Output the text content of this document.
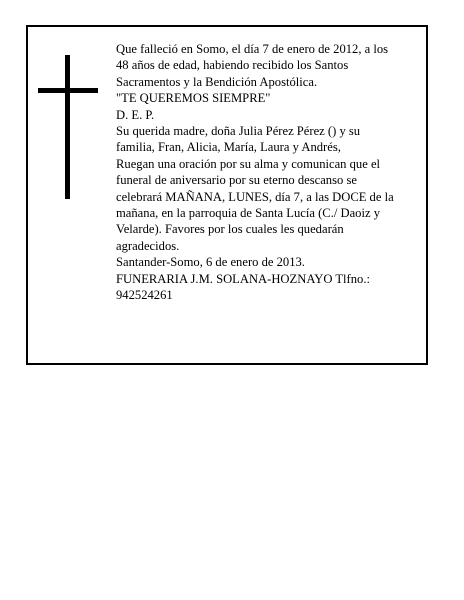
Que falleció en Somo, el día 7 de enero de 2012, a los
48 años de edad, habiendo recibido los Santos
Sacramentos y la Bendición Apostólica.
"TE QUEREMOS SIEMPRE"
D. E. P.
Su querida madre, doña Julia Pérez Pérez () y su
familia, Fran, Alicia, María, Laura y Andrés,
Ruegan una oración por su alma y comunican que el
funeral de aniversario por su eterno descanso se
celebrará MAÑANA, LUNES, día 7, a las DOCE de la
mañana, en la parroquia de Santa Lucía (C./ Daoiz y
Velarde). Favores por los cuales les quedarán
agradecidos.
Santander-Somo, 6 de enero de 2013.
FUNERARIA J.M. SOLANA-HOZNAYO Tlfno.:
942524261
